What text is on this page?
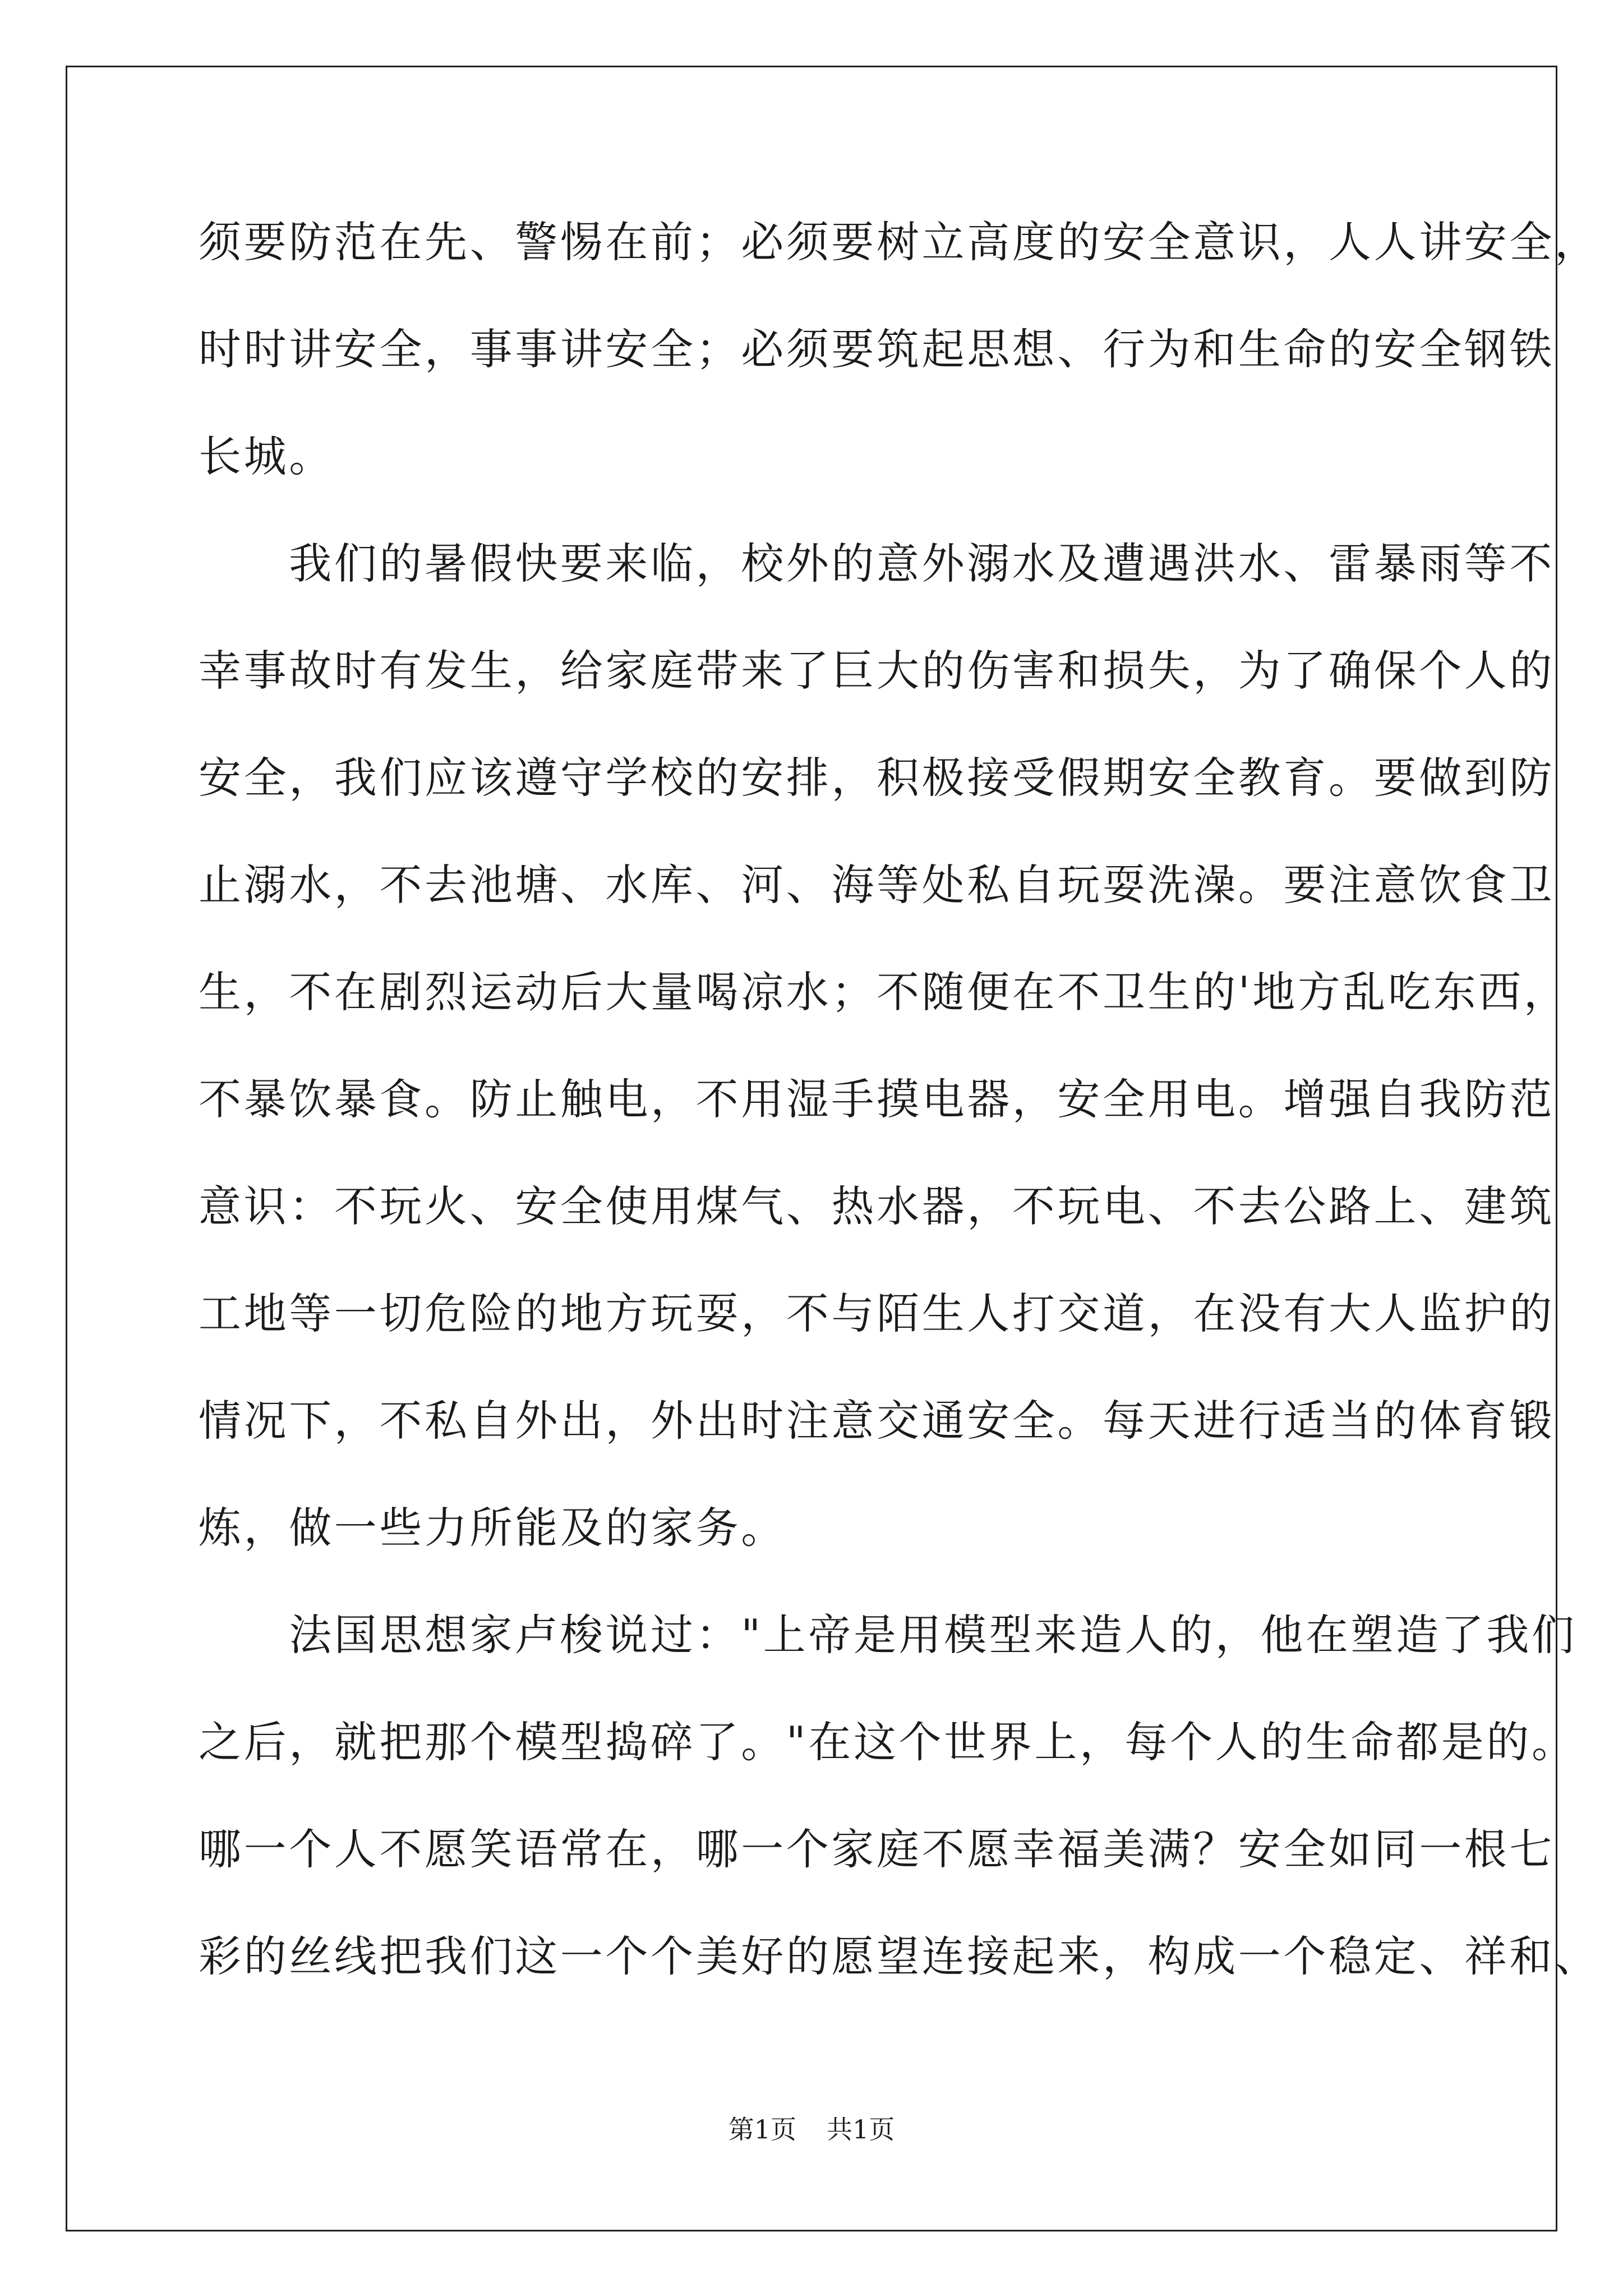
须要防范在先、警惕在前；必须要树立高度的安全意识，人人讲安全，
时时讲安全，事事讲安全；必须要筑起思想、行为和生命的安全钢铁
长城。
　　我们的暑假快要来临，校外的意外溺水及遭遇洪水、雷暴雨等不
幸事故时有发生，给家庭带来了巨大的伤害和损失，为了确保个人的
安全，我们应该遵守学校的安排，积极接受假期安全教育。要做到防
止溺水，不去池塘、水库、河、海等处私自玩耍洗澡。要注意饮食卫
生，不在剧烈运动后大量喝凉水；不随便在不卫生的'地方乱吃东西，
不暴饮暴食。防止触电，不用湿手摸电器，安全用电。增强自我防范
意识：不玩火、安全使用煤气、热水器，不玩电、不去公路上、建筑
工地等一切危险的地方玩耍，不与陌生人打交道，在没有大人监护的
情况下，不私自外出，外出时注意交通安全。每天进行适当的体育锻
炼，做一些力所能及的家务。
　　法国思想家卢梭说过："上帝是用模型来造人的，他在塑造了我们
之后，就把那个模型捣碎了。"在这个世界上，每个人的生命都是的。
哪一个人不愿笑语常在，哪一个家庭不愿幸福美满？安全如同一根七
彩的丝线把我们这一个个美好的愿望连接起来，构成一个稳定、祥和、
第1页 共1页
